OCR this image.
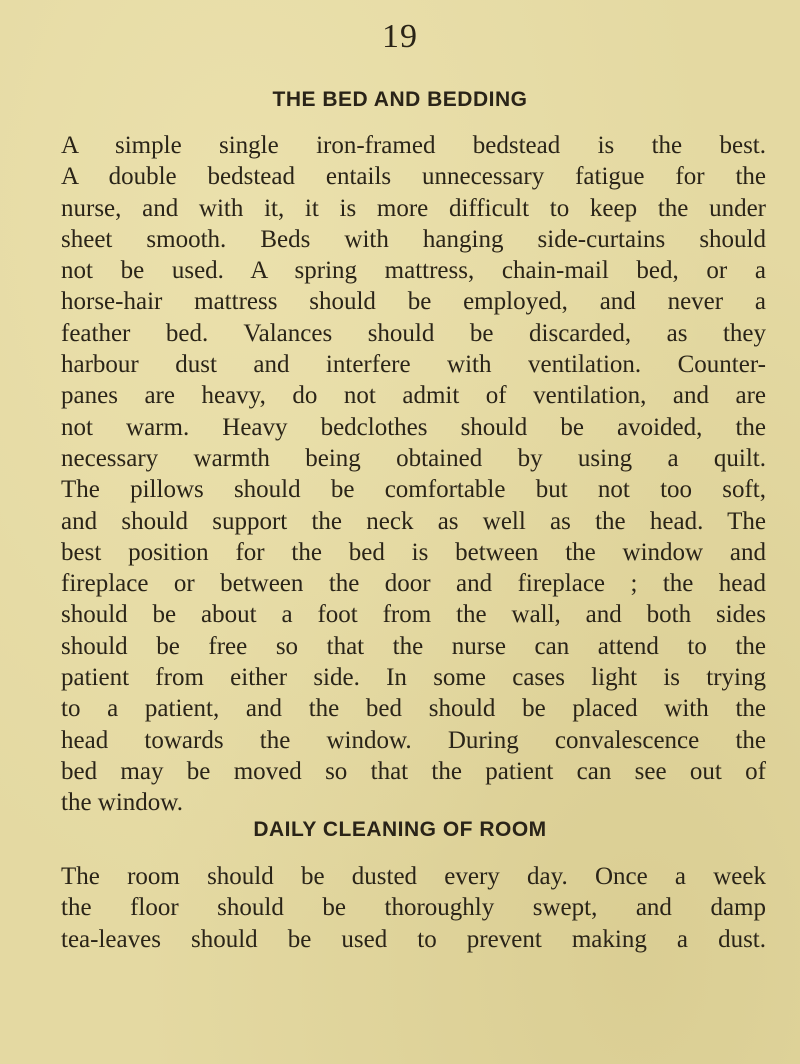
19
THE BED AND BEDDING
A simple single iron-framed bedstead is the best.
A double bedstead entails unnecessary fatigue for the
nurse, and with it, it is more difficult to keep the under
sheet smooth. Beds with hanging side-curtains should
not be used. A spring mattress, chain-mail bed, or a
horse-hair mattress should be employed, and never a
feather bed. Valances should be discarded, as they
harbour dust and interfere with ventilation. Counter-
panes are heavy, do not admit of ventilation, and are
not warm. Heavy bedclothes should be avoided, the
necessary warmth being obtained by using a quilt.
The pillows should be comfortable but not too soft,
and should support the neck as well as the head. The
best position for the bed is between the window and
fireplace or between the door and fireplace ; the head
should be about a foot from the wall, and both sides
should be free so that the nurse can attend to the
patient from either side. In some cases light is trying
to a patient, and the bed should be placed with the
head towards the window. During convalescence the
bed may be moved so that the patient can see out of
the window.
DAILY CLEANING OF ROOM
The room should be dusted every day. Once a week
the floor should be thoroughly swept, and damp
tea-leaves should be used to prevent making a dust.
